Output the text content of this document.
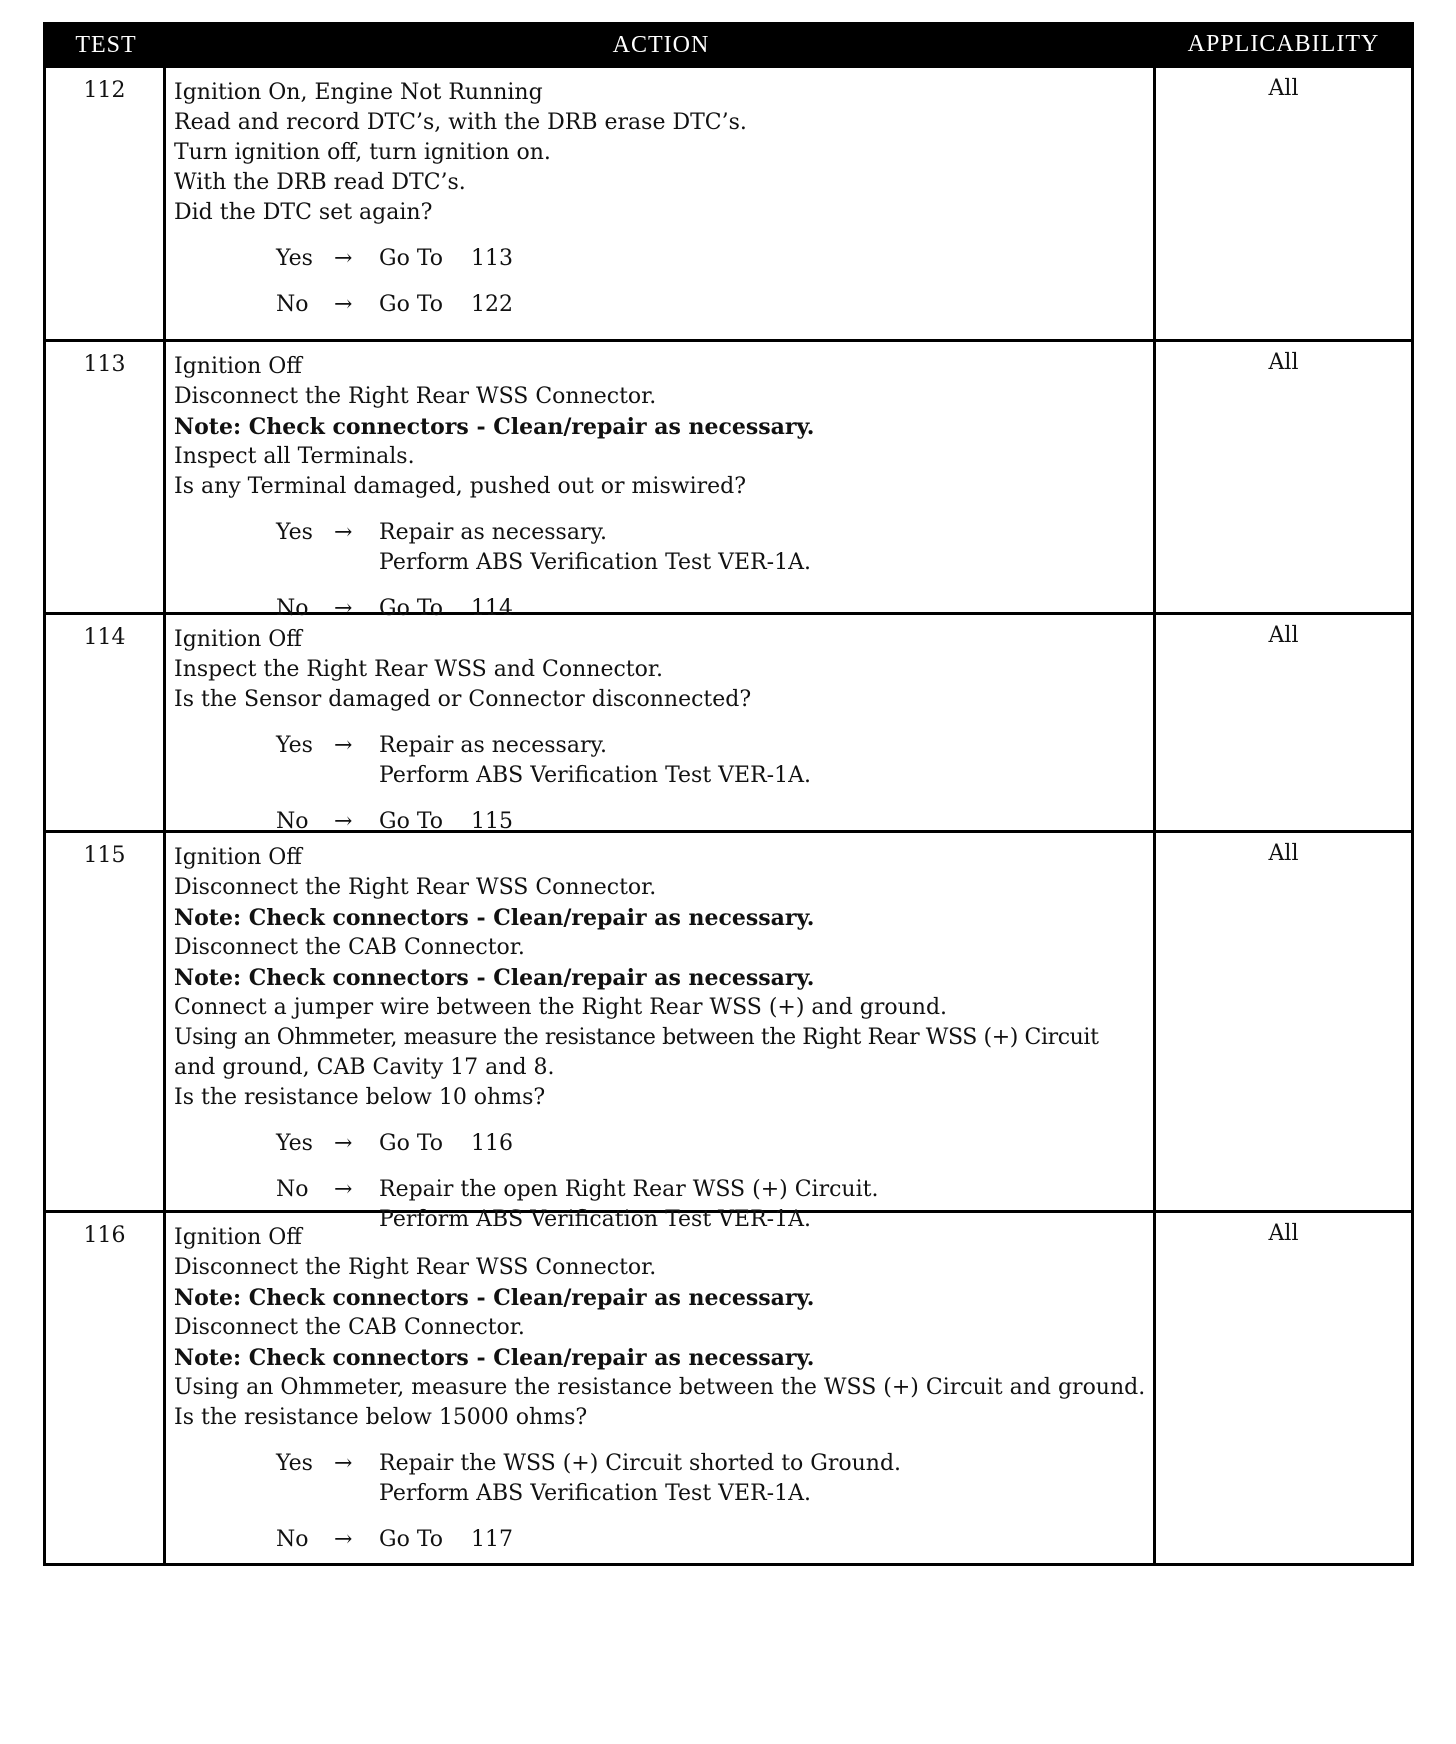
TEST	ACTION	APPLICABILITY
112	Ignition On, Engine Not Running
Read and record DTC’s, with the DRB erase DTC’s.
Turn ignition off, turn ignition on.
With the DRB read DTC’s.
Did the DTC set again?
Yes →	Go To 113
No	→	Go To 122
All
113	Ignition Off
Disconnect the Right Rear WSS Connector.
Note: Check connectors - Clean/repair as necessary.
Inspect all Terminals.
Is any Terminal damaged, pushed out or miswired?
Yes →	Repair as necessary.
Perform ABS Verification Test VER-1A.
No	→	Go To 114
All
114	Ignition Off
Inspect the Right Rear WSS and Connector.
Is the Sensor damaged or Connector disconnected?
Yes →	Repair as necessary.
Perform ABS Verification Test VER-1A.
No	→	Go To 115
All
115	Ignition Off
Disconnect the Right Rear WSS Connector.
Note: Check connectors - Clean/repair as necessary.
Disconnect the CAB Connector.
Note: Check connectors - Clean/repair as necessary.
Connect a jumper wire between the Right Rear WSS (+) and ground.
Using an Ohmmeter, measure the resistance between the Right Rear WSS (+) Circuit
and ground, CAB Cavity 17 and 8.
Is the resistance below 10 ohms?
Yes →	Go To 116
No	→	Repair the open Right Rear WSS (+) Circuit.
Perform ABS Verification Test VER-1A.
All
116	Ignition Off
Disconnect the Right Rear WSS Connector.
Note: Check connectors - Clean/repair as necessary.
Disconnect the CAB Connector.
Note: Check connectors - Clean/repair as necessary.
Using an Ohmmeter, measure the resistance between the WSS (+) Circuit and ground.
Is the resistance below 15000 ohms?
Yes →	Repair the WSS (+) Circuit shorted to Ground.
Perform ABS Verification Test VER-1A.
No	→	Go To 117
All
